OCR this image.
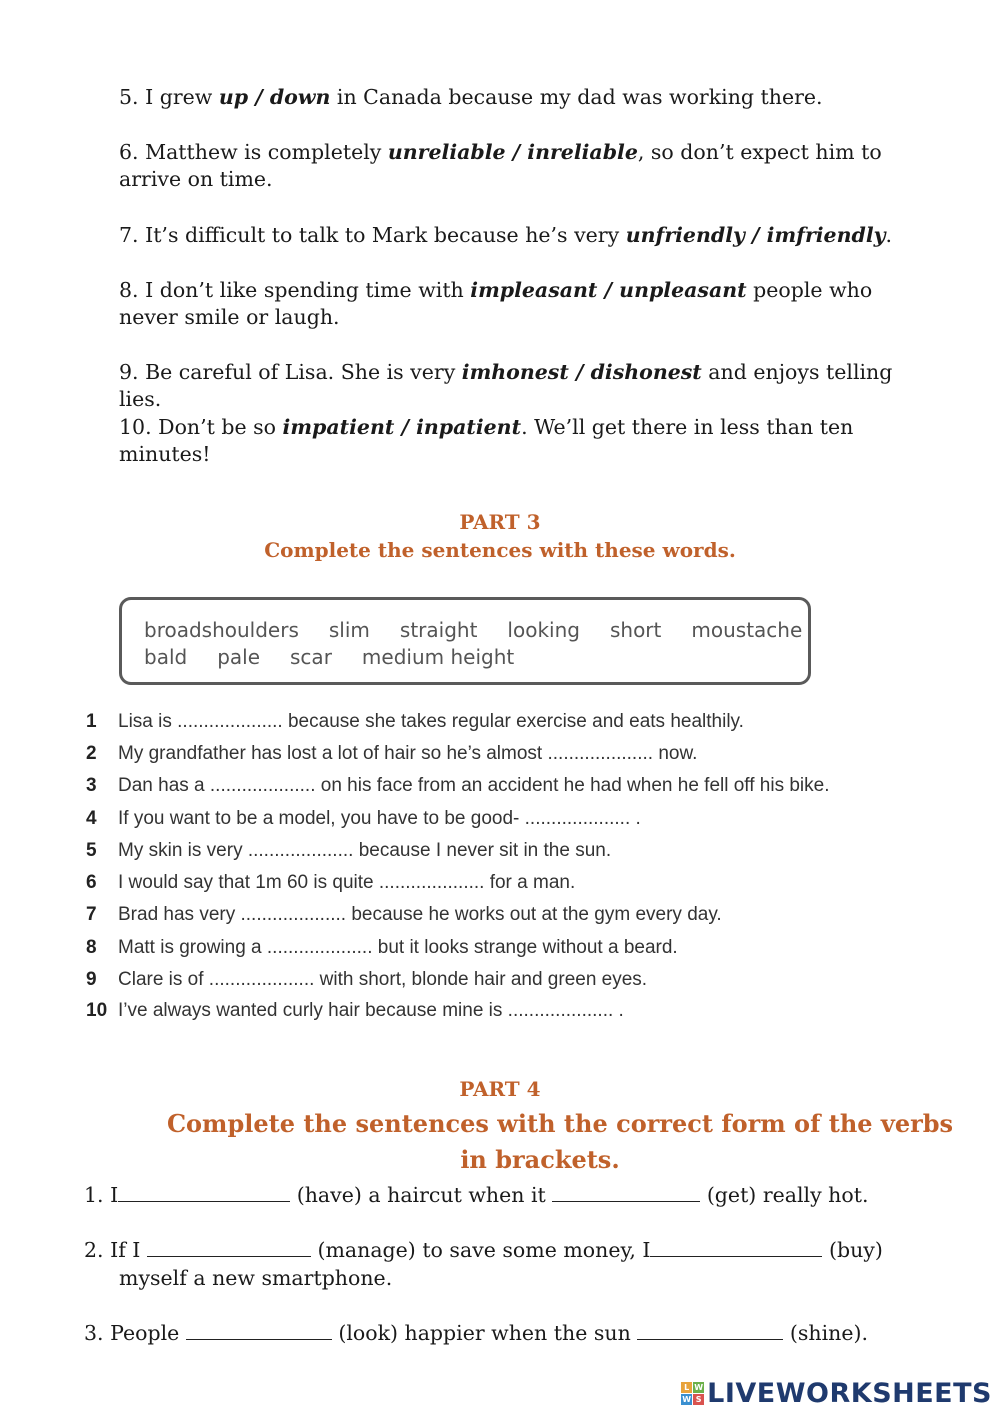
5. I grew up / down in Canada because my dad was working there.
6. Matthew is completely unreliable / inreliable, so don’t expect him to arrive on time.
7. It’s difficult to talk to Mark because he’s very unfriendly / imfriendly.
8. I don’t like spending time with impleasant / unpleasant people who never smile or laugh.
9. Be careful of Lisa. She is very imhonest / dishonest and enjoys telling lies.
10. Don’t be so impatient / inpatient. We’ll get there in less than ten minutes!
PART 3
Complete the sentences with these words.
broadshoulders slim straight looking short moustache
bald pale scar medium height
1 Lisa is .................... because she takes regular exercise and eats healthily.
2 My grandfather has lost a lot of hair so he’s almost .................... now.
3 Dan has a .................... on his face from an accident he had when he fell off his bike.
4 If you want to be a model, you have to be good- .................... .
5 My skin is very .................... because I never sit in the sun.
6 I would say that 1m 60 is quite .................... for a man.
7 Brad has very .................... because he works out at the gym every day.
8 Matt is growing a .................... but it looks strange without a beard.
9 Clare is of .................... with short, blonde hair and green eyes.
10 I’ve always wanted curly hair because mine is .................... .
PART 4
Complete the sentences with the correct form of the verbs
in brackets.
1. I	(have) a haircut when it	(get) really hot.
2. If I	(manage) to save some money, I	(buy)
myself a new smartphone.
3. People	(look) happier when the sun	(shine).
L W
W S LIVEWORKSHEETS
